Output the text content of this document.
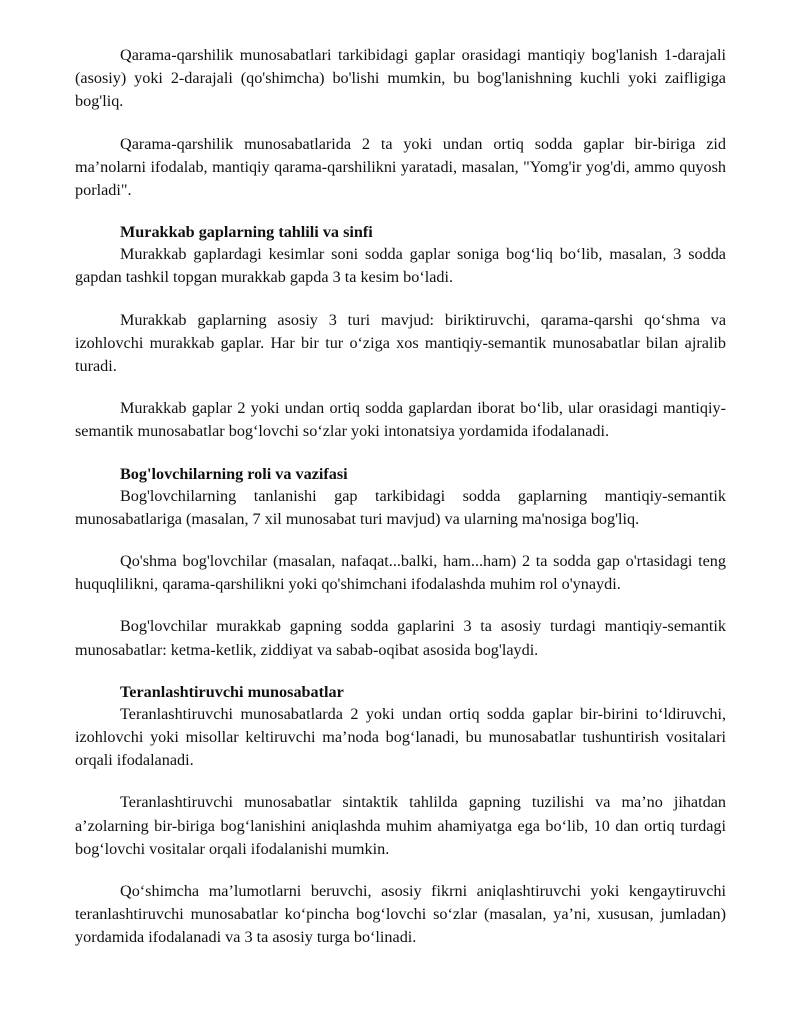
Qarama-qarshilik munosabatlari tarkibidagi gaplar orasidagi mantiqiy bog'lanish 1-darajali (asosiy) yoki 2-darajali (qo'shimcha) bo'lishi mumkin, bu bog'lanishning kuchli yoki zaifligiga bog'liq.

Qarama-qarshilik munosabatlarida 2 ta yoki undan ortiq sodda gaplar bir-biriga zid ma’nolarni ifodalab, mantiqiy qarama-qarshilikni yaratadi, masalan, "Yomg'ir yog'di, ammo quyosh porladi".

Murakkab gaplarning tahlili va sinfi

Murakkab gaplardagi kesimlar soni sodda gaplar soniga bog‘liq bo‘lib, masalan, 3 sodda gapdan tashkil topgan murakkab gapda 3 ta kesim bo‘ladi.

Murakkab gaplarning asosiy 3 turi mavjud: biriktiruvchi, qarama-qarshi qo‘shma va izohlovchi murakkab gaplar. Har bir tur o‘ziga xos mantiqiy-semantik munosabatlar bilan ajralib turadi.

Murakkab gaplar 2 yoki undan ortiq sodda gaplardan iborat bo‘lib, ular orasidagi mantiqiy-semantik munosabatlar bog‘lovchi so‘zlar yoki intonatsiya yordamida ifodalanadi.

Bog'lovchilarning roli va vazifasi

Bog'lovchilarning tanlanishi gap tarkibidagi sodda gaplarning mantiqiy-semantik munosabatlariga (masalan, 7 xil munosabat turi mavjud) va ularning ma'nosiga bog'liq.

Qo'shma bog'lovchilar (masalan, nafaqat...balki, ham...ham) 2 ta sodda gap o'rtasidagi teng huquqlilikni, qarama-qarshilikni yoki qo'shimchani ifodalashda muhim rol o'ynaydi.

Bog'lovchilar murakkab gapning sodda gaplarini 3 ta asosiy turdagi mantiqiy-semantik munosabatlar: ketma-ketlik, ziddiyat va sabab-oqibat asosida bog'laydi.

Teranlashtiruvchi munosabatlar

Teranlashtiruvchi munosabatlarda 2 yoki undan ortiq sodda gaplar bir-birini to‘ldiruvchi, izohlovchi yoki misollar keltiruvchi ma’noda bog‘lanadi, bu munosabatlar tushuntirish vositalari orqali ifodalanadi.

Teranlashtiruvchi munosabatlar sintaktik tahlilda gapning tuzilishi va ma’no jihatdan a’zolarning bir-biriga bog‘lanishini aniqlashda muhim ahamiyatga ega bo‘lib, 10 dan ortiq turdagi bog‘lovchi vositalar orqali ifodalanishi mumkin.

Qo‘shimcha ma’lumotlarni beruvchi, asosiy fikrni aniqlashtiruvchi yoki kengaytiruvchi teranlashtiruvchi munosabatlar ko‘pincha bog‘lovchi so‘zlar (masalan, ya’ni, xususan, jumladan) yordamida ifodalanadi va 3 ta asosiy turga bo‘linadi.
